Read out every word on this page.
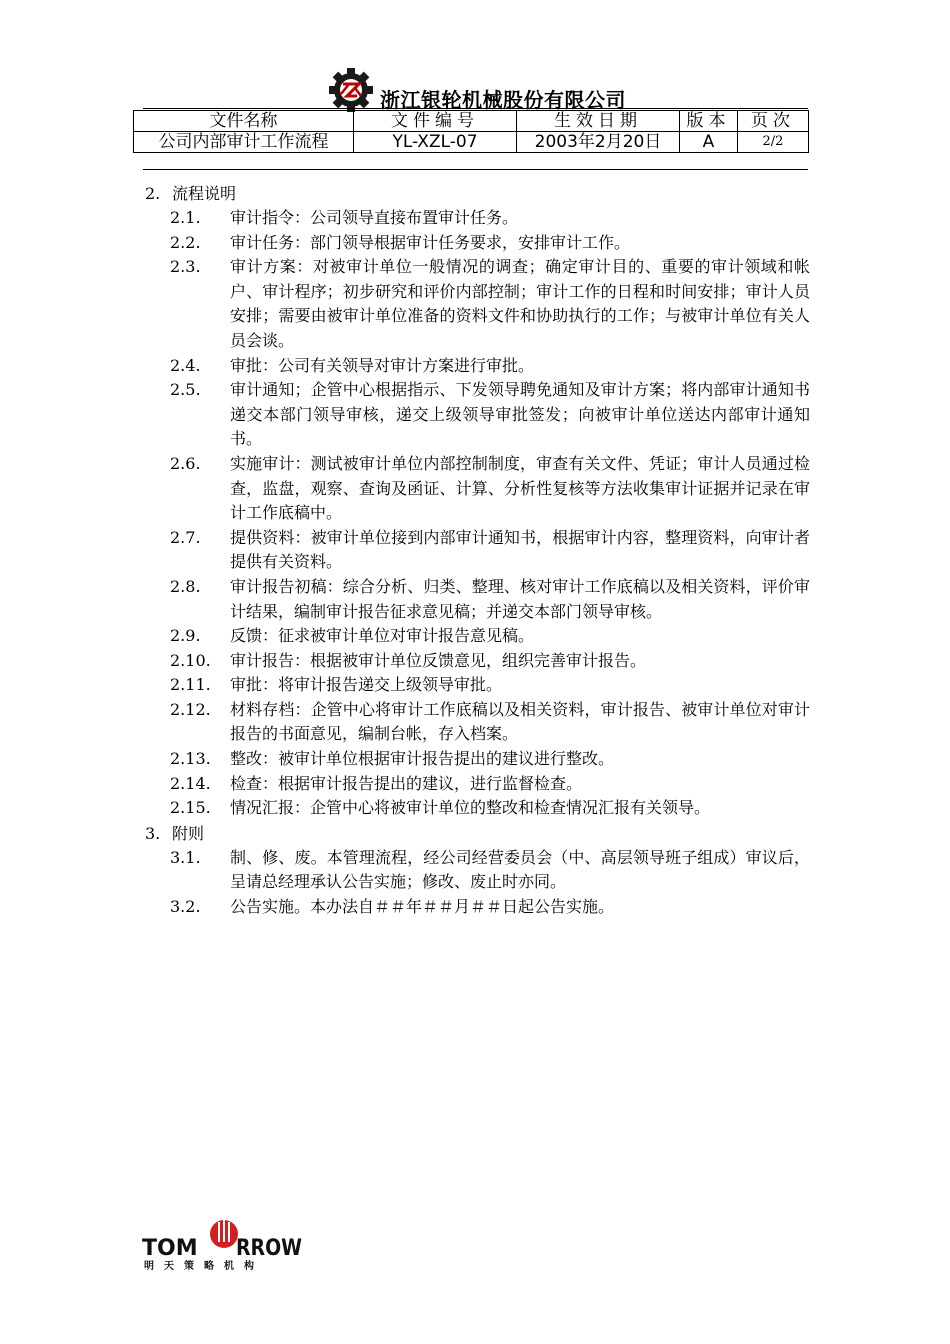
浙江银轮机械股份有限公司
文件名称	文件编号	生效日期	版本	页次
公司内部审计工作流程	YL-XZL-07	2003年2月20日	A	2/2
2. 流程说明
2.1.	审计指令：公司领导直接布置审计任务。
2.2.	审计任务：部门领导根据审计任务要求，安排审计工作。
2.3.	审计方案：对被审计单位一般情况的调查；确定审计目的、重要的审计领域和帐户、审计程序；初步研究和评价内部控制；审计工作的日程和时间安排；审计人员安排；需要由被审计单位准备的资料文件和协助执行的工作；与被审计单位有关人员会谈。
2.4.	审批：公司有关领导对审计方案进行审批。
2.5.	审计通知；企管中心根据指示、下发领导聘免通知及审计方案；将内部审计通知书递交本部门领导审核，递交上级领导审批签发；向被审计单位送达内部审计通知书。
2.6.	实施审计：测试被审计单位内部控制制度，审查有关文件、凭证；审计人员通过检查，监盘，观察、查询及函证、计算、分析性复核等方法收集审计证据并记录在审计工作底稿中。
2.7.	提供资料：被审计单位接到内部审计通知书，根据审计内容，整理资料，向审计者提供有关资料。
2.8.	审计报告初稿：综合分析、归类、整理、核对审计工作底稿以及相关资料，评价审计结果，编制审计报告征求意见稿；并递交本部门领导审核。
2.9.	反馈：征求被审计单位对审计报告意见稿。
2.10.	审计报告：根据被审计单位反馈意见，组织完善审计报告。
2.11.	审批：将审计报告递交上级领导审批。
2.12.	材料存档：企管中心将审计工作底稿以及相关资料，审计报告、被审计单位对审计报告的书面意见，编制台帐，存入档案。
2.13.	整改：被审计单位根据审计报告提出的建议进行整改。
2.14.	检查：根据审计报告提出的建议，进行监督检查。
2.15.	情况汇报：企管中心将被审计单位的整改和检查情况汇报有关领导。
3. 附则
3.1.	制、修、废。本管理流程，经公司经营委员会（中、高层领导班子组成）审议后，呈请总经理承认公告实施；修改、废止时亦同。
3.2.	公告实施。本办法自＃＃年＃＃月＃＃日起公告实施。
TOM RROW
明 天 策 略 机 构
